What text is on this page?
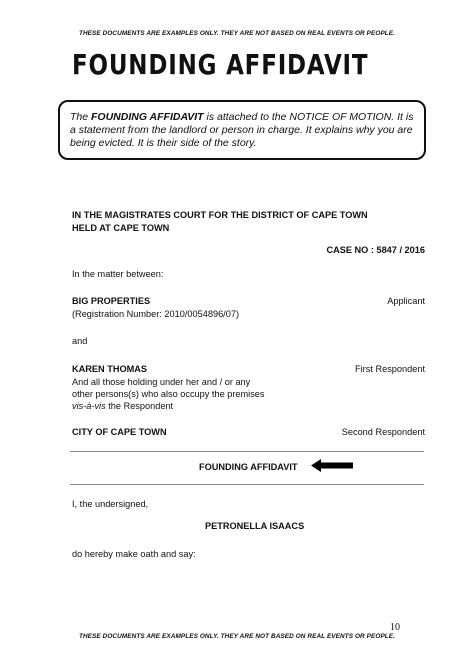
THESE DOCUMENTS ARE EXAMPLES ONLY. THEY ARE NOT BASED ON REAL EVENTS OR PEOPLE.
FOUNDING AFFIDAVIT
The FOUNDING AFFIDAVIT is attached to the NOTICE OF MOTION. It is a statement from the landlord or person in charge. It explains why you are being evicted. It is their side of the story.
IN THE MAGISTRATES COURT FOR THE DISTRICT OF CAPE TOWN
HELD AT CAPE TOWN
CASE NO : 5847 / 2016
In the matter between:
BIG PROPERTIES	Applicant
(Registration Number: 2010/0054896/07)
and
KAREN THOMAS	First Respondent
And all those holding under her and / or any
other persons(s) who also occupy the premises
vis-à-vis the Respondent
CITY OF CAPE TOWN	Second Respondent
FOUNDING AFFIDAVIT
I, the undersigned,
PETRONELLA ISAACS
do hereby make oath and say:
10
THESE DOCUMENTS ARE EXAMPLES ONLY. THEY ARE NOT BASED ON REAL EVENTS OR PEOPLE.
